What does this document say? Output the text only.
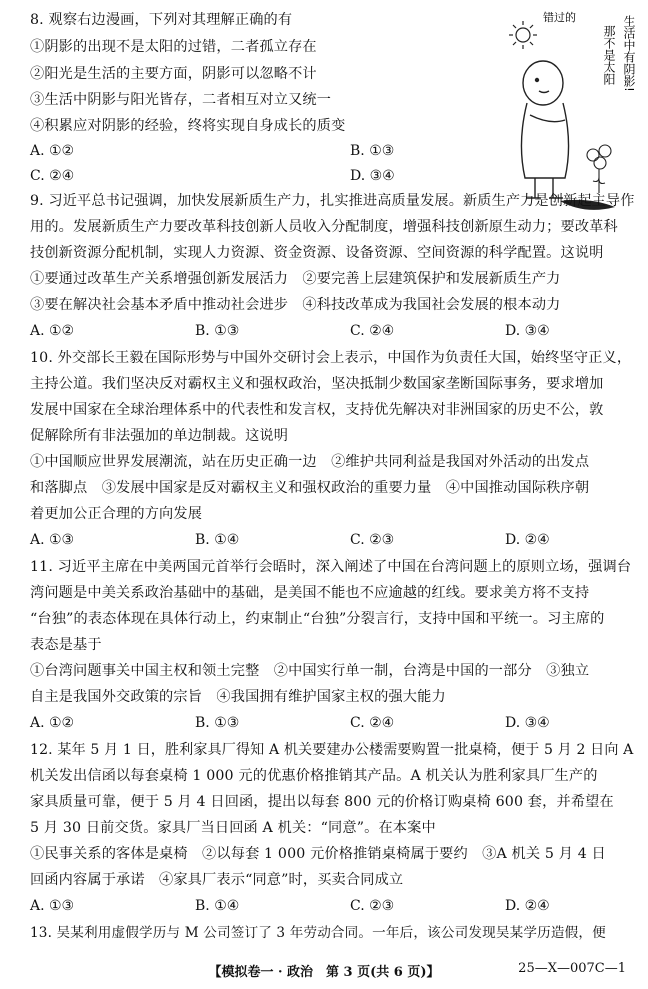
8. 观察右边漫画，下列对其理解正确的有
①阴影的出现不是太阳的过错，二者孤立存在
②阳光是生活的主要方面，阴影可以忽略不计
③生活中阴影与阳光皆存，二者相互对立又统一
④积累应对阴影的经验，终将实现自身成长的质变
A. ①②	B. ①③
C. ②④	D. ③④
错过的	生活中有阴影!
那不是太阳
9. 习近平总书记强调，加快发展新质生产力，扎实推进高质量发展。新质生产力是创新起主导作
用的。发展新质生产力要改革科技创新人员收入分配制度，增强科技创新原生动力；要改革科
技创新资源分配机制，实现人力资源、资金资源、设备资源、空间资源的科学配置。这说明
①要通过改革生产关系增强创新发展活力　②要完善上层建筑保护和发展新质生产力
③要在解决社会基本矛盾中推动社会进步　④科技改革成为我国社会发展的根本动力
A. ①②	B. ①③	C. ②④	D. ③④
10. 外交部长王毅在国际形势与中国外交研讨会上表示，中国作为负责任大国，始终坚守正义，
主持公道。我们坚决反对霸权主义和强权政治，坚决抵制少数国家垄断国际事务，要求增加
发展中国家在全球治理体系中的代表性和发言权，支持优先解决对非洲国家的历史不公，敦
促解除所有非法强加的单边制裁。这说明
①中国顺应世界发展潮流，站在历史正确一边　②维护共同利益是我国对外活动的出发点
和落脚点　③发展中国家是反对霸权主义和强权政治的重要力量　④中国推动国际秩序朝
着更加公正合理的方向发展
A. ①③	B. ①④	C. ②③	D. ②④
11. 习近平主席在中美两国元首举行会晤时，深入阐述了中国在台湾问题上的原则立场，强调台
湾问题是中美关系政治基础中的基础，是美国不能也不应逾越的红线。要求美方将不支持
“台独”的表态体现在具体行动上，约束制止“台独”分裂言行，支持中国和平统一。习主席的
表态是基于
①台湾问题事关中国主权和领土完整　②中国实行单一制，台湾是中国的一部分　③独立
自主是我国外交政策的宗旨　④我国拥有维护国家主权的强大能力
A. ①②	B. ①③	C. ②④	D. ③④
12. 某年 5 月 1 日，胜利家具厂得知 A 机关要建办公楼需要购置一批桌椅，便于 5 月 2 日向 A
机关发出信函以每套桌椅 1 000 元的优惠价格推销其产品。A 机关认为胜利家具厂生产的
家具质量可靠，便于 5 月 4 日回函，提出以每套 800 元的价格订购桌椅 600 套，并希望在
5 月 30 日前交货。家具厂当日回函 A 机关：“同意”。在本案中
①民事关系的客体是桌椅　②以每套 1 000 元价格推销桌椅属于要约　③A 机关 5 月 4 日
回函内容属于承诺　④家具厂表示“同意”时，买卖合同成立
A. ①③	B. ①④	C. ②③	D. ②④
13. 吴某利用虚假学历与 M 公司签订了 3 年劳动合同。一年后，该公司发现吴某学历造假，便
【模拟卷一 · 政治　第 3 页(共 6 页)】	25—X—007C—1
